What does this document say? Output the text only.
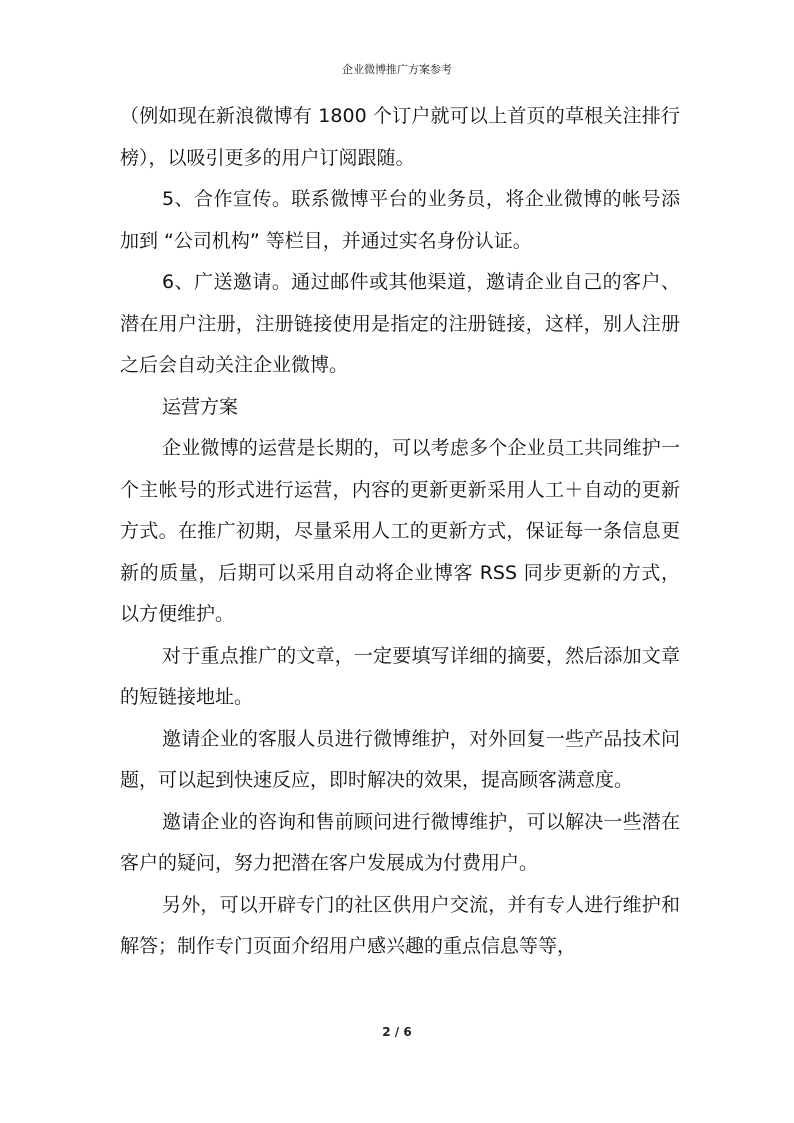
企业微博推广方案参考

（例如现在新浪微博有 1800 个订户就可以上首页的草根关注排行榜），以吸引更多的用户订阅跟随。

5、合作宣传。联系微博平台的业务员，将企业微博的帐号添加到 “公司机构” 等栏目，并通过实名身份认证。

6、广送邀请。通过邮件或其他渠道，邀请企业自己的客户、潜在用户注册，注册链接使用是指定的注册链接，这样，别人注册之后会自动关注企业微博。

运营方案

企业微博的运营是长期的，可以考虑多个企业员工共同维护一个主帐号的形式进行运营，内容的更新更新采用人工＋自动的更新方式。在推广初期，尽量采用人工的更新方式，保证每一条信息更新的质量，后期可以采用自动将企业博客 RSS 同步更新的方式，以方便维护。

对于重点推广的文章，一定要填写详细的摘要，然后添加文章的短链接地址。

邀请企业的客服人员进行微博维护，对外回复一些产品技术问题，可以起到快速反应，即时解决的效果，提高顾客满意度。

邀请企业的咨询和售前顾问进行微博维护，可以解决一些潜在客户的疑问，努力把潜在客户发展成为付费用户。

另外，可以开辟专门的社区供用户交流，并有专人进行维护和解答；制作专门页面介绍用户感兴趣的重点信息等等，

2 / 6
